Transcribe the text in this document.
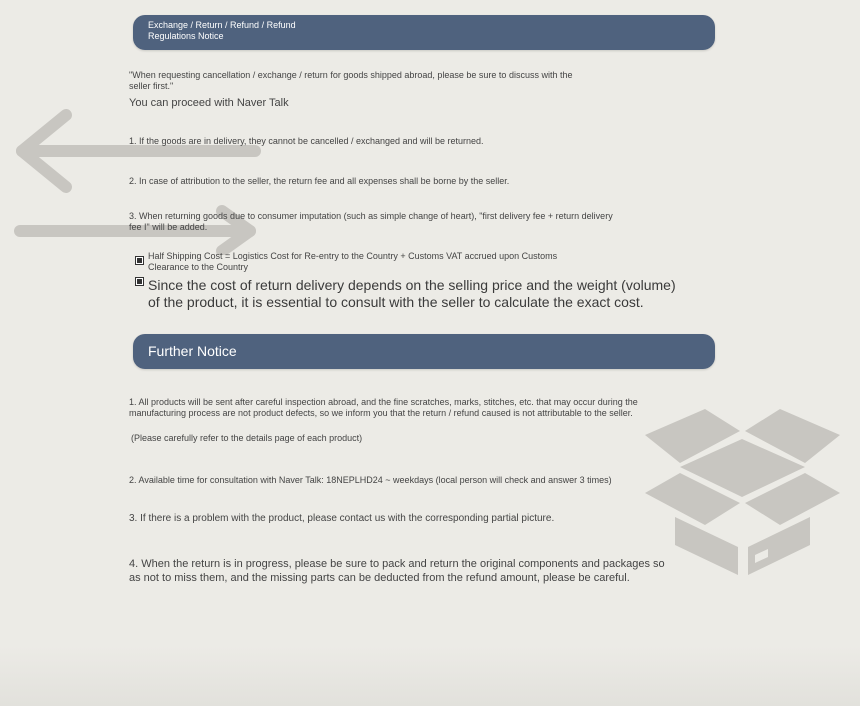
Exchange / Return / Refund / Refund
Regulations Notice
"When requesting cancellation / exchange / return for goods shipped abroad, please be sure to discuss with the
seller first."
You can proceed with Naver Talk
1. If the goods are in delivery, they cannot be cancelled / exchanged and will be returned.
2. In case of attribution to the seller, the return fee and all expenses shall be borne by the seller.
3. When returning goods due to consumer imputation (such as simple change of heart), "first delivery fee + return delivery
fee I" will be added.
Half Shipping Cost = Logistics Cost for Re-entry to the Country + Customs VAT accrued upon Customs
Clearance to the Country
Since the cost of return delivery depends on the selling price and the weight (volume)
of the product, it is essential to consult with the seller to calculate the exact cost.
Further Notice
1. All products will be sent after careful inspection abroad, and the fine scratches, marks, stitches, etc. that may occur during the
manufacturing process are not product defects, so we inform you that the return / refund caused is not attributable to the seller.
(Please carefully refer to the details page of each product)
2. Available time for consultation with Naver Talk: 18NEPLHD24 ~ weekdays (local person will check and answer 3 times)
3. If there is a problem with the product, please contact us with the corresponding partial picture.
4. When the return is in progress, please be sure to pack and return the original components and packages so
as not to miss them, and the missing parts can be deducted from the refund amount, please be careful.
